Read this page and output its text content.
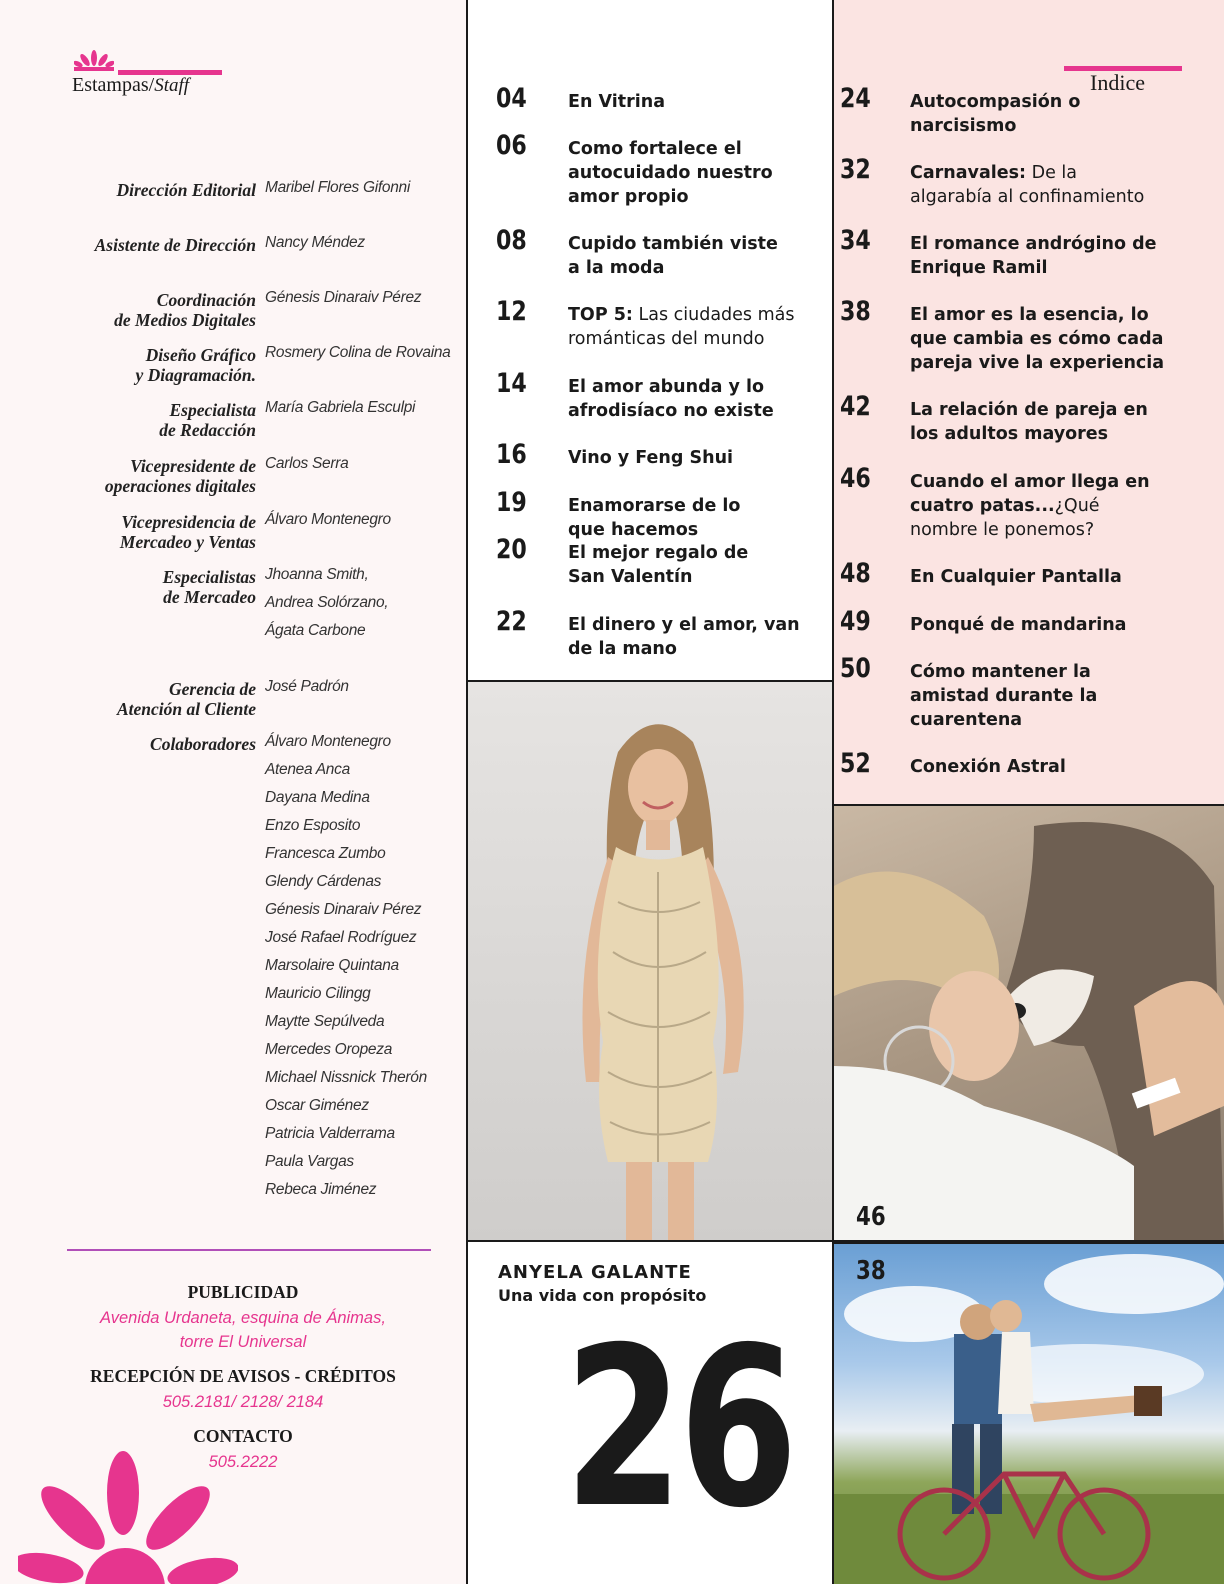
Estampas/Staff
Dirección Editorial Maribel Flores Gifonni
Asistente de Dirección Nancy Méndez
Coordinación
de Medios Digitales
Génesis Dinaraiv Pérez
Diseño Gráfico
y Diagramación.
Rosmery Colina de Rovaina
Especialista
de Redacción
María Gabriela Esculpi
Vicepresidente de
operaciones digitales
Carlos Serra
Vicepresidencia de
Mercadeo y Ventas
Álvaro Montenegro
Especialistas
de Mercadeo
Jhoanna Smith,
Andrea Solórzano,
Ágata Carbone
Gerencia de
Atención al Cliente
José Padrón
Colaboradores Álvaro Montenegro
Atenea Anca
Dayana Medina
Enzo Esposito
Francesca Zumbo
Glendy Cárdenas
Génesis Dinaraiv Pérez
José Rafael Rodríguez
Marsolaire Quintana
Mauricio Cilingg
Maytte Sepúlveda
Mercedes Oropeza
Michael Nissnick Therón
Oscar Giménez
Patricia Valderrama
Paula Vargas
Rebeca Jiménez
PUBLICIDAD
Avenida Urdaneta, esquina de Ánimas,
torre El Universal
RECEPCIÓN DE AVISOS - CRÉDITOS
505.2181/ 2128/ 2184
CONTACTO
505.2222
04 En Vitrina
06 Como fortalece el
autocuidado nuestro
amor propio
08 Cupido también viste
a la moda
12 TOP 5: Las ciudades más
románticas del mundo
14 El amor abunda y lo
afrodisíaco no existe
16 Vino y Feng Shui
19 Enamorarse de lo
que hacemos
20 El mejor regalo de
San Valentín
22 El dinero y el amor, van
de la mano
ANYELA GALANTE
Una vida con propósito
26
Indice
24 Autocompasión o
narcisismo
32 Carnavales: De la
algarabía al confinamiento
34 El romance andrógino de
Enrique Ramil
38 El amor es la esencia, lo
que cambia es cómo cada
pareja vive la experiencia
42 La relación de pareja en
los adultos mayores
46 Cuando el amor llega en
cuatro patas...¿Qué
nombre le ponemos?
48 En Cualquier Pantalla
49 Ponqué de mandarina
50 Cómo mantener la
amistad durante la
cuarentena
52 Conexión Astral
46
38
